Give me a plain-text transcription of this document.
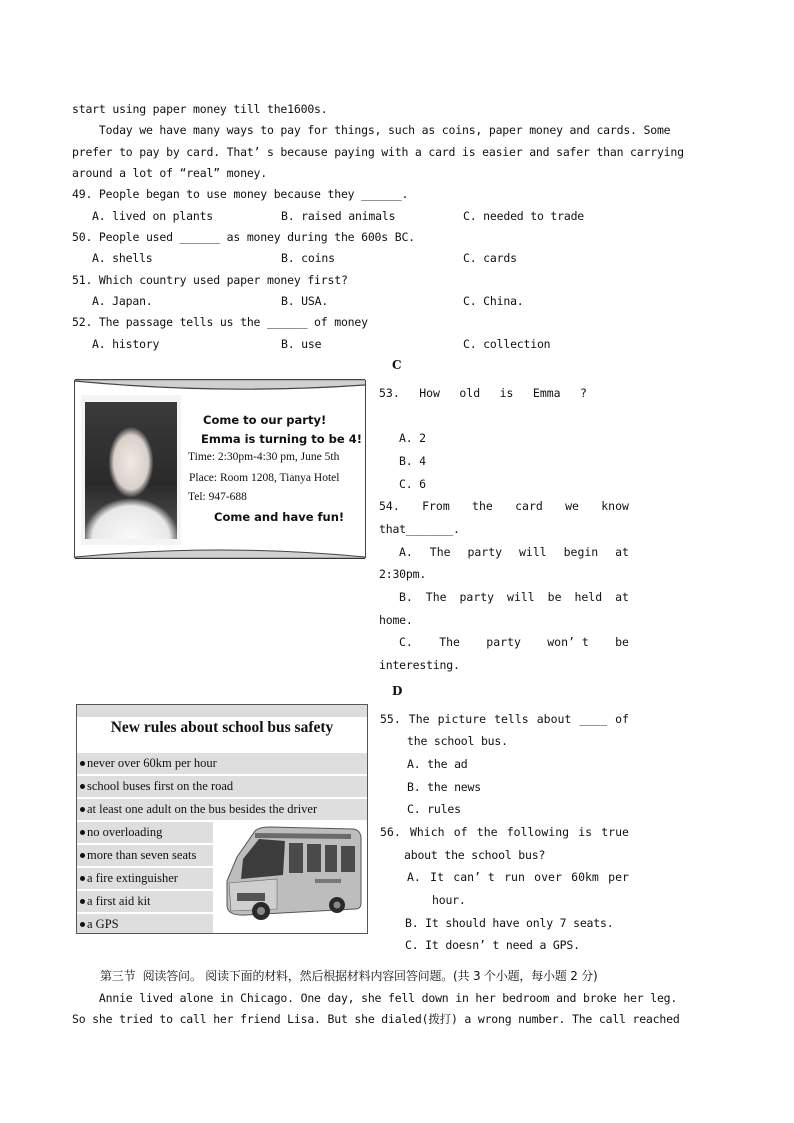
start using paper money till the1600s.
Today we have many ways to pay for things, such as coins, paper money and cards. Some
prefer to pay by card. That’ s because paying with a card is easier and safer than carrying
around a lot of “real” money.
49. People began to use money because they ______.
A. lived on plants	B. raised animals	C. needed to trade
50. People used ______ as money during the 600s BC.
A. shells	B. coins	C. cards
51. Which country used paper money first?
A. Japan.	B. USA.	C. China.
52. The passage tells us the ______ of money
A. history	B. use	C. collection
C
Come to our party!
Emma is turning to be 4!
Time: 2:30pm-4:30 pm, June 5th
Place: Room 1208, Tianya Hotel
Tel: 947-688
Come and have fun!
53. How old is Emma ?
A. 2
B. 4
C. 6
54. From the card we know
that_______.
A. The party will begin at
2:30pm.
B. The party will be held at
home.
C. The party won’ t be
interesting.
D
New rules about school bus safety
never over 60km per hour
school buses first on the road
at least one adult on the bus besides the driver
no overloading
more than seven seats
a fire extinguisher
a first aid kit
a GPS
55. The picture tells about ____ of
the school bus.
A. the ad
B. the news
C. rules
56. Which of the following is true
about the school bus?
A. It can’ t run over 60km per
hour.
B. It should have only 7 seats.
C. It doesn’ t need a GPS.
第三节  阅读答问。 阅读下面的材料，然后根据材料内容回答问题。(共 3 个小题，每小题 2 分)
Annie lived alone in Chicago. One day, she fell down in her bedroom and broke her leg.
So she tried to call her friend Lisa. But she dialed(拨打) a wrong number. The call reached
